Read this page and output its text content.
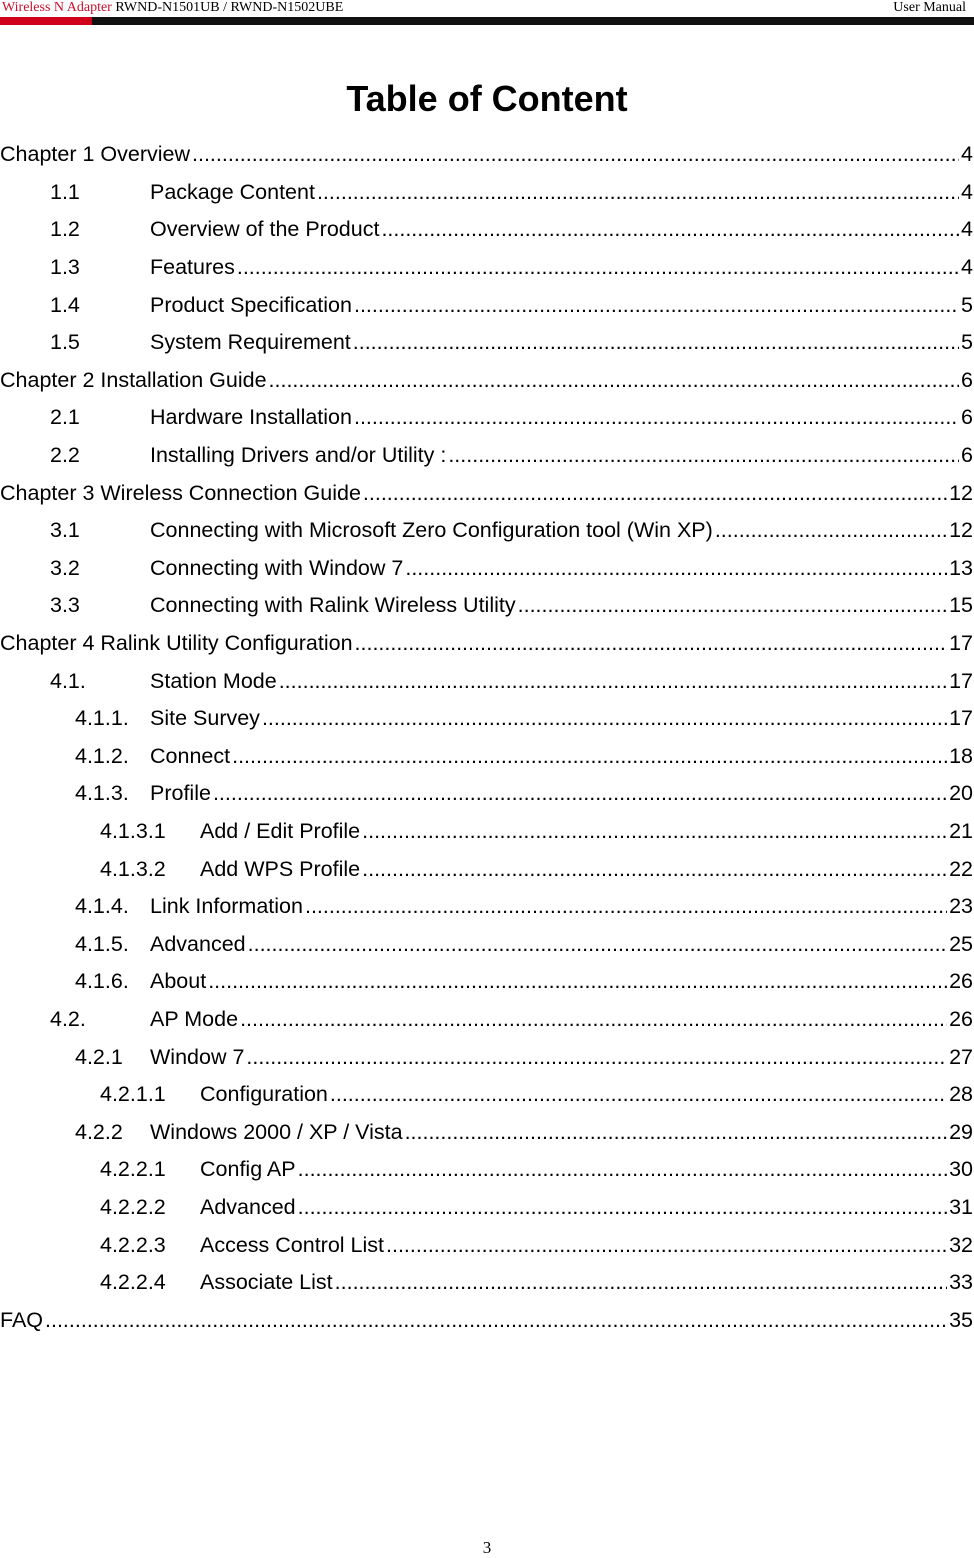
Wireless N Adapter RWND-N1501UB / RWND-N1502UBE	User Manual
Table of Content
Chapter 1 Overview .....	4
1.1	Package Content .....	4
1.2	Overview of the Product .....	4
1.3	Features .....	4
1.4	Product Specification .....	5
1.5	System Requirement .....	5
Chapter 2 Installation Guide .....	6
2.1	Hardware Installation .....	6
2.2	Installing Drivers and/or Utility : .....	6
Chapter 3 Wireless Connection Guide .....	12
3.1	Connecting with Microsoft Zero Configuration tool (Win XP) .....	12
3.2	Connecting with Window 7 .....	13
3.3	Connecting with Ralink Wireless Utility .....	15
Chapter 4 Ralink Utility Configuration .....	17
4.1.	Station Mode .....	17
4.1.1. Site Survey .....	17
4.1.2. Connect .....	18
4.1.3. Profile .....	20
4.1.3.1	Add / Edit Profile .....	21
4.1.3.2	Add WPS Profile .....	22
4.1.4. Link Information .....	23
4.1.5. Advanced .....	25
4.1.6. About .....	26
4.2.	AP Mode .....	26
4.2.1	Window 7 .....	27
4.2.1.1	Configuration .....	28
4.2.2	Windows 2000 / XP / Vista .....	29
4.2.2.1	Config AP .....	30
4.2.2.2	Advanced .....	31
4.2.2.3	Access Control List .....	32
4.2.2.4	Associate List .....	33
FAQ .....	35
3
